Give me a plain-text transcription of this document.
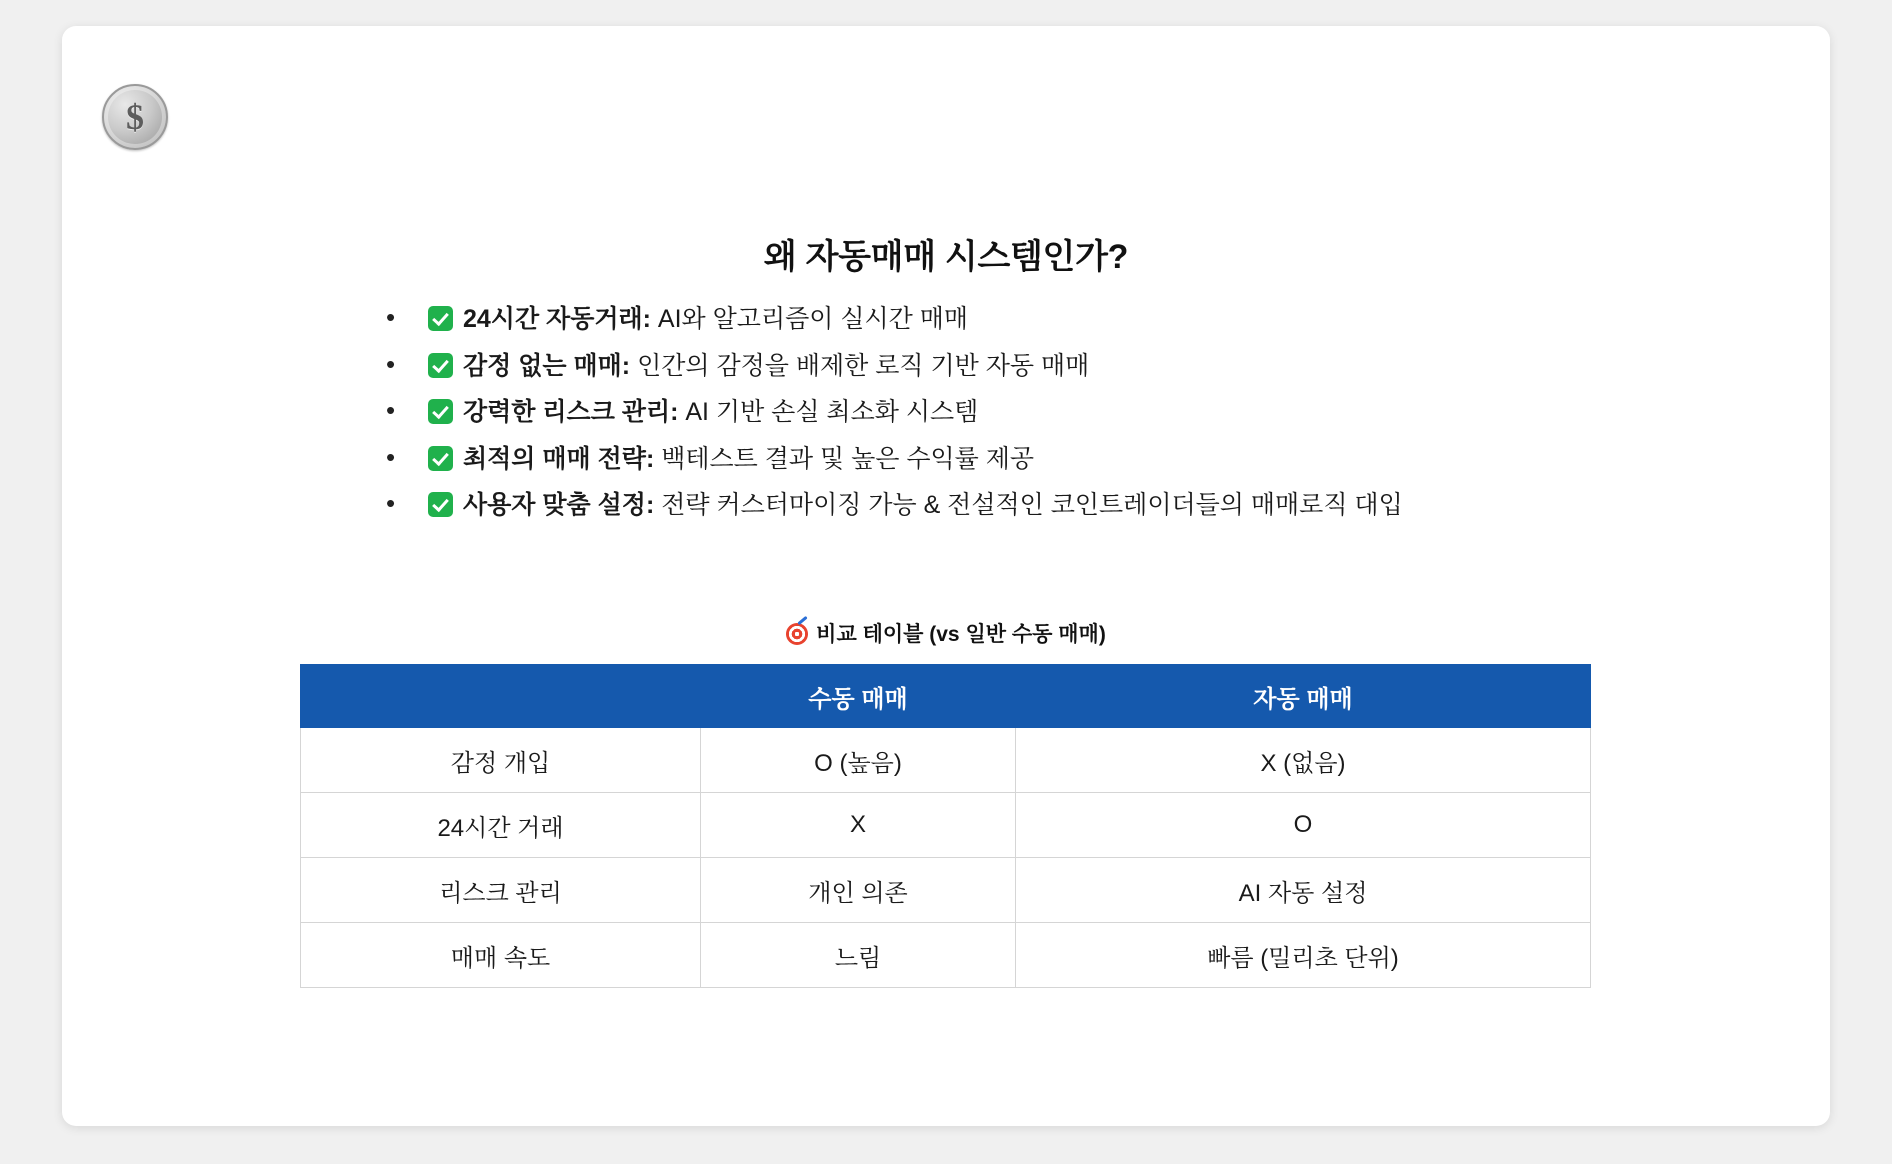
$
왜 자동매매 시스템인가?
• 24시간 자동거래: AI와 알고리즘이 실시간 매매
• 감정 없는 매매: 인간의 감정을 배제한 로직 기반 자동 매매
• 강력한 리스크 관리: AI 기반 손실 최소화 시스템
• 최적의 매매 전략: 백테스트 결과 및 높은 수익률 제공
• 사용자 맞춤 설정: 전략 커스터마이징 가능 & 전설적인 코인트레이더들의 매매로직 대입
비교 테이블 (vs 일반 수동 매매)
	수동 매매	자동 매매
감정 개입	O (높음)	X (없음)
24시간 거래	X	O
리스크 관리	개인 의존	AI 자동 설정
매매 속도	느림	빠름 (밀리초 단위)
